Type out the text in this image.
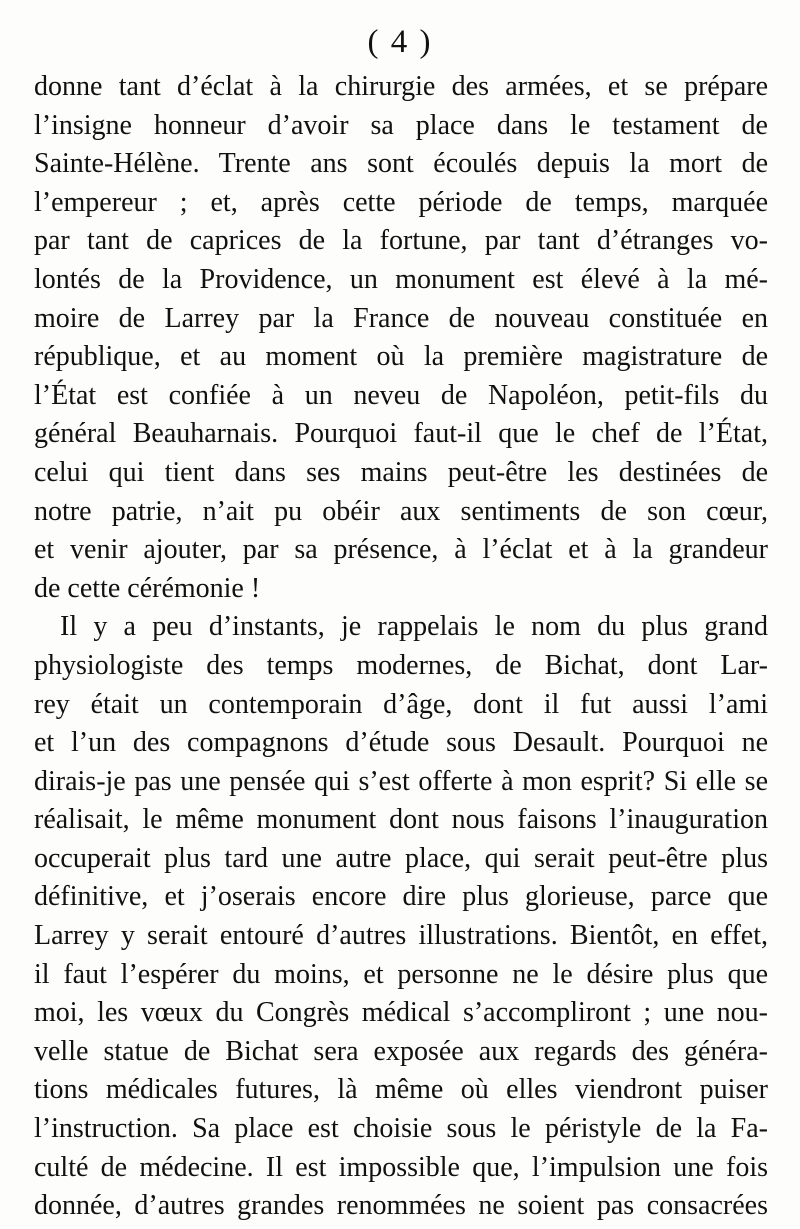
( 4 )
donne tant d’éclat à la chirurgie des armées, et se prépare
l’insigne honneur d’avoir sa place dans le testament de
Sainte-Hélène. Trente ans sont écoulés depuis la mort de
l’empereur ; et, après cette période de temps, marquée
par tant de caprices de la fortune, par tant d’étranges vo-
lontés de la Providence, un monument est élevé à la mé-
moire de Larrey par la France de nouveau constituée en
république, et au moment où la première magistrature de
l’État est confiée à un neveu de Napoléon, petit-fils du
général Beauharnais. Pourquoi faut-il que le chef de l’État,
celui qui tient dans ses mains peut-être les destinées de
notre patrie, n’ait pu obéir aux sentiments de son cœur,
et venir ajouter, par sa présence, à l’éclat et à la grandeur
de cette cérémonie !
Il y a peu d’instants, je rappelais le nom du plus grand
physiologiste des temps modernes, de Bichat, dont Lar-
rey était un contemporain d’âge, dont il fut aussi l’ami
et l’un des compagnons d’étude sous Desault. Pourquoi ne
dirais-je pas une pensée qui s’est offerte à mon esprit? Si elle se
réalisait, le même monument dont nous faisons l’inauguration
occuperait plus tard une autre place, qui serait peut-être plus
définitive, et j’oserais encore dire plus glorieuse, parce que
Larrey y serait entouré d’autres illustrations. Bientôt, en effet,
il faut l’espérer du moins, et personne ne le désire plus que
moi, les vœux du Congrès médical s’accompliront ; une nou-
velle statue de Bichat sera exposée aux regards des généra-
tions médicales futures, là même où elles viendront puiser
l’instruction. Sa place est choisie sous le péristyle de la Fa-
culté de médecine. Il est impossible que, l’impulsion une fois
donnée, d’autres grandes renommées ne soient pas consacrées
